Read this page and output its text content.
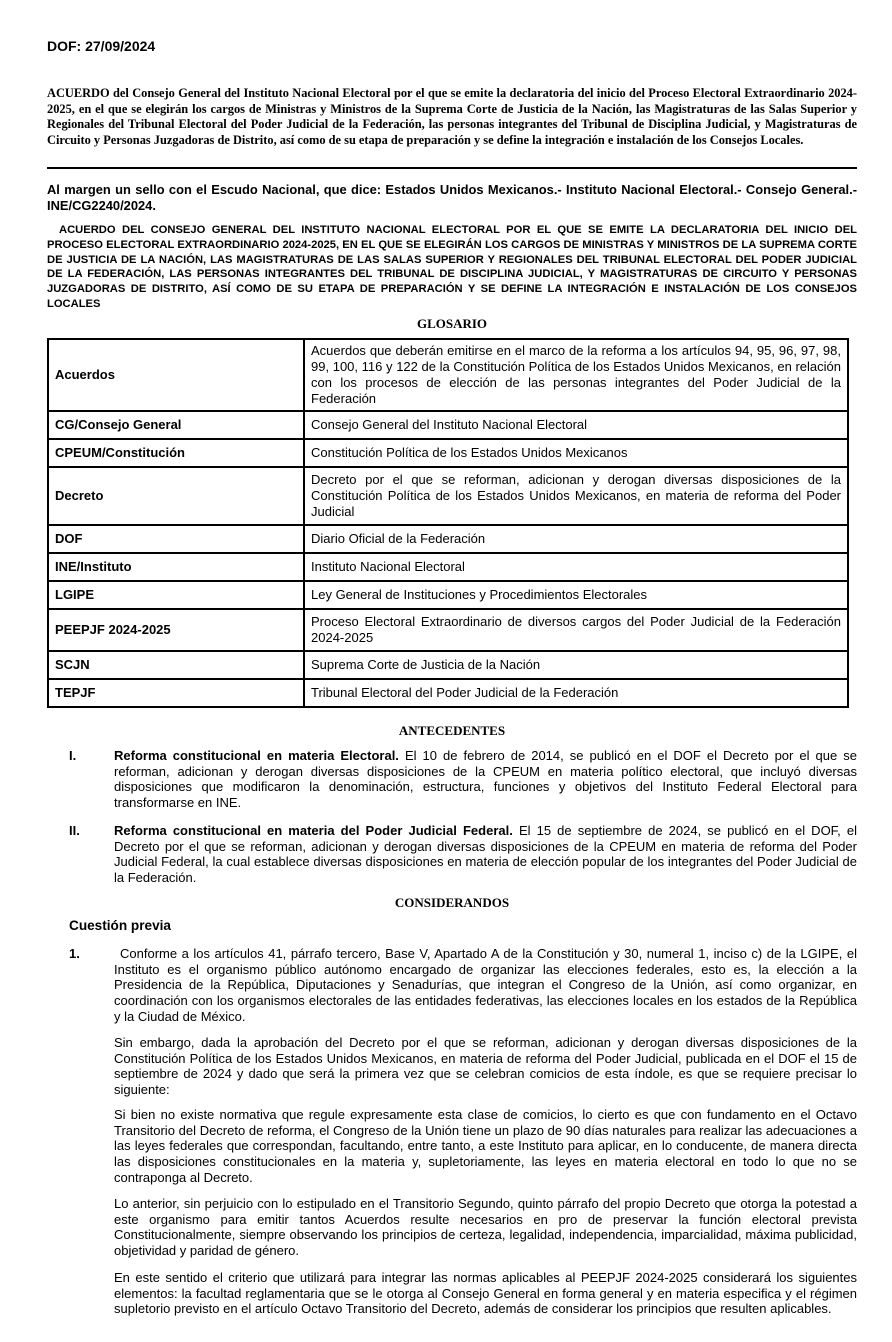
DOF: 27/09/2024
ACUERDO del Consejo General del Instituto Nacional Electoral por el que se emite la declaratoria del inicio del Proceso Electoral Extraordinario 2024-2025, en el que se elegirán los cargos de Ministras y Ministros de la Suprema Corte de Justicia de la Nación, las Magistraturas de las Salas Superior y Regionales del Tribunal Electoral del Poder Judicial de la Federación, las personas integrantes del Tribunal de Disciplina Judicial, y Magistraturas de Circuito y Personas Juzgadoras de Distrito, así como de su etapa de preparación y se define la integración e instalación de los Consejos Locales.
Al margen un sello con el Escudo Nacional, que dice: Estados Unidos Mexicanos.- Instituto Nacional Electoral.- Consejo General.- INE/CG2240/2024.
ACUERDO DEL CONSEJO GENERAL DEL INSTITUTO NACIONAL ELECTORAL POR EL QUE SE EMITE LA DECLARATORIA DEL INICIO DEL PROCESO ELECTORAL EXTRAORDINARIO 2024-2025, EN EL QUE SE ELEGIRÁN LOS CARGOS DE MINISTRAS Y MINISTROS DE LA SUPREMA CORTE DE JUSTICIA DE LA NACIÓN, LAS MAGISTRATURAS DE LAS SALAS SUPERIOR Y REGIONALES DEL TRIBUNAL ELECTORAL DEL PODER JUDICIAL DE LA FEDERACIÓN, LAS PERSONAS INTEGRANTES DEL TRIBUNAL DE DISCIPLINA JUDICIAL, Y MAGISTRATURAS DE CIRCUITO Y PERSONAS JUZGADORAS DE DISTRITO, ASÍ COMO DE SU ETAPA DE PREPARACIÓN Y SE DEFINE LA INTEGRACIÓN E INSTALACIÓN DE LOS CONSEJOS LOCALES
GLOSARIO
Acuerdos	Acuerdos que deberán emitirse en el marco de la reforma a los artículos 94, 95, 96, 97, 98, 99, 100, 116 y 122 de la Constitución Política de los Estados Unidos Mexicanos, en relación con los procesos de elección de las personas integrantes del Poder Judicial de la Federación
CG/Consejo General	Consejo General del Instituto Nacional Electoral
CPEUM/Constitución	Constitución Política de los Estados Unidos Mexicanos
Decreto	Decreto por el que se reforman, adicionan y derogan diversas disposiciones de la Constitución Política de los Estados Unidos Mexicanos, en materia de reforma del Poder Judicial
DOF	Diario Oficial de la Federación
INE/Instituto	Instituto Nacional Electoral
LGIPE	Ley General de Instituciones y Procedimientos Electorales
PEEPJF 2024-2025	Proceso Electoral Extraordinario de diversos cargos del Poder Judicial de la Federación 2024-2025
SCJN	Suprema Corte de Justicia de la Nación
TEPJF	Tribunal Electoral del Poder Judicial de la Federación
ANTECEDENTES
I.	Reforma constitucional en materia Electoral. El 10 de febrero de 2014, se publicó en el DOF el Decreto por el que se reforman, adicionan y derogan diversas disposiciones de la CPEUM en materia político electoral, que incluyó diversas disposiciones que modificaron la denominación, estructura, funciones y objetivos del Instituto Federal Electoral para transformarse en INE.
II.	Reforma constitucional en materia del Poder Judicial Federal. El 15 de septiembre de 2024, se publicó en el DOF, el Decreto por el que se reforman, adicionan y derogan diversas disposiciones de la CPEUM en materia de reforma del Poder Judicial Federal, la cual establece diversas disposiciones en materia de elección popular de los integrantes del Poder Judicial de la Federación.
CONSIDERANDOS
Cuestión previa
1.	Conforme a los artículos 41, párrafo tercero, Base V, Apartado A de la Constitución y 30, numeral 1, inciso c) de la LGIPE, el Instituto es el organismo público autónomo encargado de organizar las elecciones federales, esto es, la elección a la Presidencia de la República, Diputaciones y Senadurías, que integran el Congreso de la Unión, así como organizar, en coordinación con los organismos electorales de las entidades federativas, las elecciones locales en los estados de la República y la Ciudad de México.
Sin embargo, dada la aprobación del Decreto por el que se reforman, adicionan y derogan diversas disposiciones de la Constitución Política de los Estados Unidos Mexicanos, en materia de reforma del Poder Judicial, publicada en el DOF el 15 de septiembre de 2024 y dado que será la primera vez que se celebran comicios de esta índole, es que se requiere precisar lo siguiente:
Si bien no existe normativa que regule expresamente esta clase de comicios, lo cierto es que con fundamento en el Octavo Transitorio del Decreto de reforma, el Congreso de la Unión tiene un plazo de 90 días naturales para realizar las adecuaciones a las leyes federales que correspondan, facultando, entre tanto, a este Instituto para aplicar, en lo conducente, de manera directa las disposiciones constitucionales en la materia y, supletoriamente, las leyes en materia electoral en todo lo que no se contraponga al Decreto.
Lo anterior, sin perjuicio con lo estipulado en el Transitorio Segundo, quinto párrafo del propio Decreto que otorga la potestad a este organismo para emitir tantos Acuerdos resulte necesarios en pro de preservar la función electoral prevista Constitucionalmente, siempre observando los principios de certeza, legalidad, independencia, imparcialidad, máxima publicidad, objetividad y paridad de género.
En este sentido el criterio que utilizará para integrar las normas aplicables al PEEPJF 2024-2025 considerará los siguientes elementos: la facultad reglamentaria que se le otorga al Consejo General en forma general y en materia especifica y el régimen supletorio previsto en el artículo Octavo Transitorio del Decreto, además de considerar los principios que resulten aplicables.
